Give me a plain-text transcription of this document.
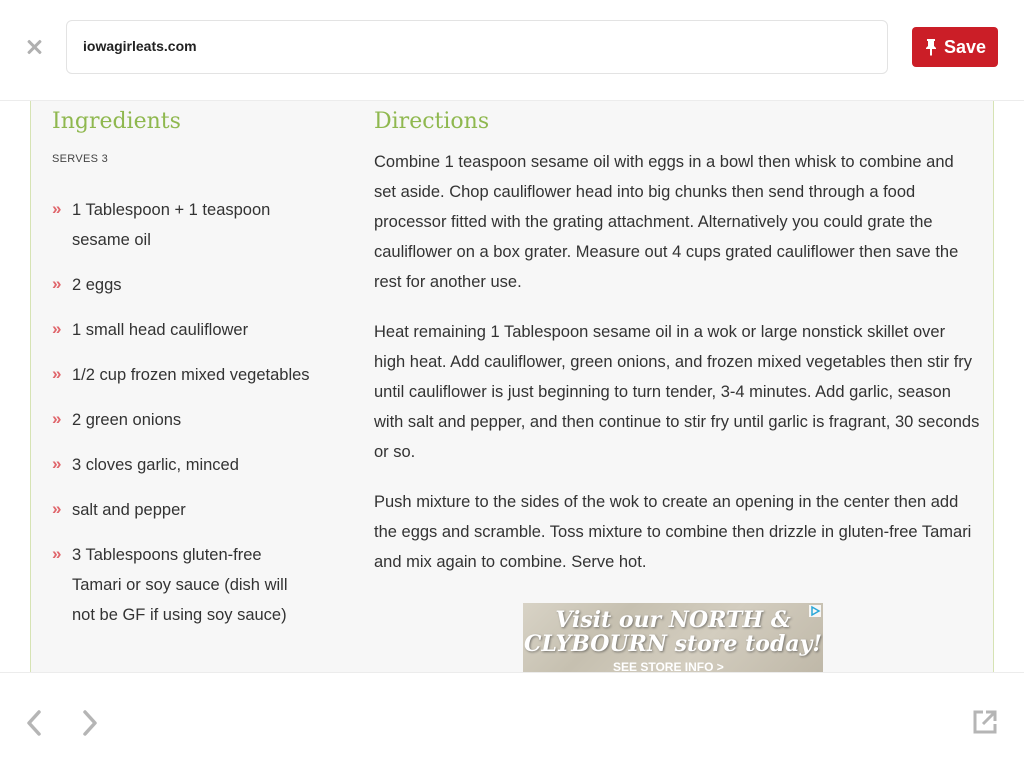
iowagirleats.com	Save
Ingredients
SERVES 3
» 1 Tablespoon + 1 teaspoon sesame oil
» 2 eggs
» 1 small head cauliflower
» 1/2 cup frozen mixed vegetables
» 2 green onions
» 3 cloves garlic, minced
» salt and pepper
» 3 Tablespoons gluten-free Tamari or soy sauce (dish will not be GF if using soy sauce)
Directions

Combine 1 teaspoon sesame oil with eggs in a bowl then whisk to combine and set aside. Chop cauliflower head into big chunks then send through a food processor fitted with the grating attachment. Alternatively you could grate the cauliflower on a box grater. Measure out 4 cups grated cauliflower then save the rest for another use.

Heat remaining 1 Tablespoon sesame oil in a wok or large nonstick skillet over high heat. Add cauliflower, green onions, and frozen mixed vegetables then stir fry until cauliflower is just beginning to turn tender, 3-4 minutes. Add garlic, season with salt and pepper, and then continue to stir fry until garlic is fragrant, 30 seconds or so.

Push mixture to the sides of the wok to create an opening in the center then add the eggs and scramble. Toss mixture to combine then drizzle in gluten-free Tamari and mix again to combine. Serve hot.

Visit our NORTH &
CLYBOURN store today!
SEE STORE INFO >
